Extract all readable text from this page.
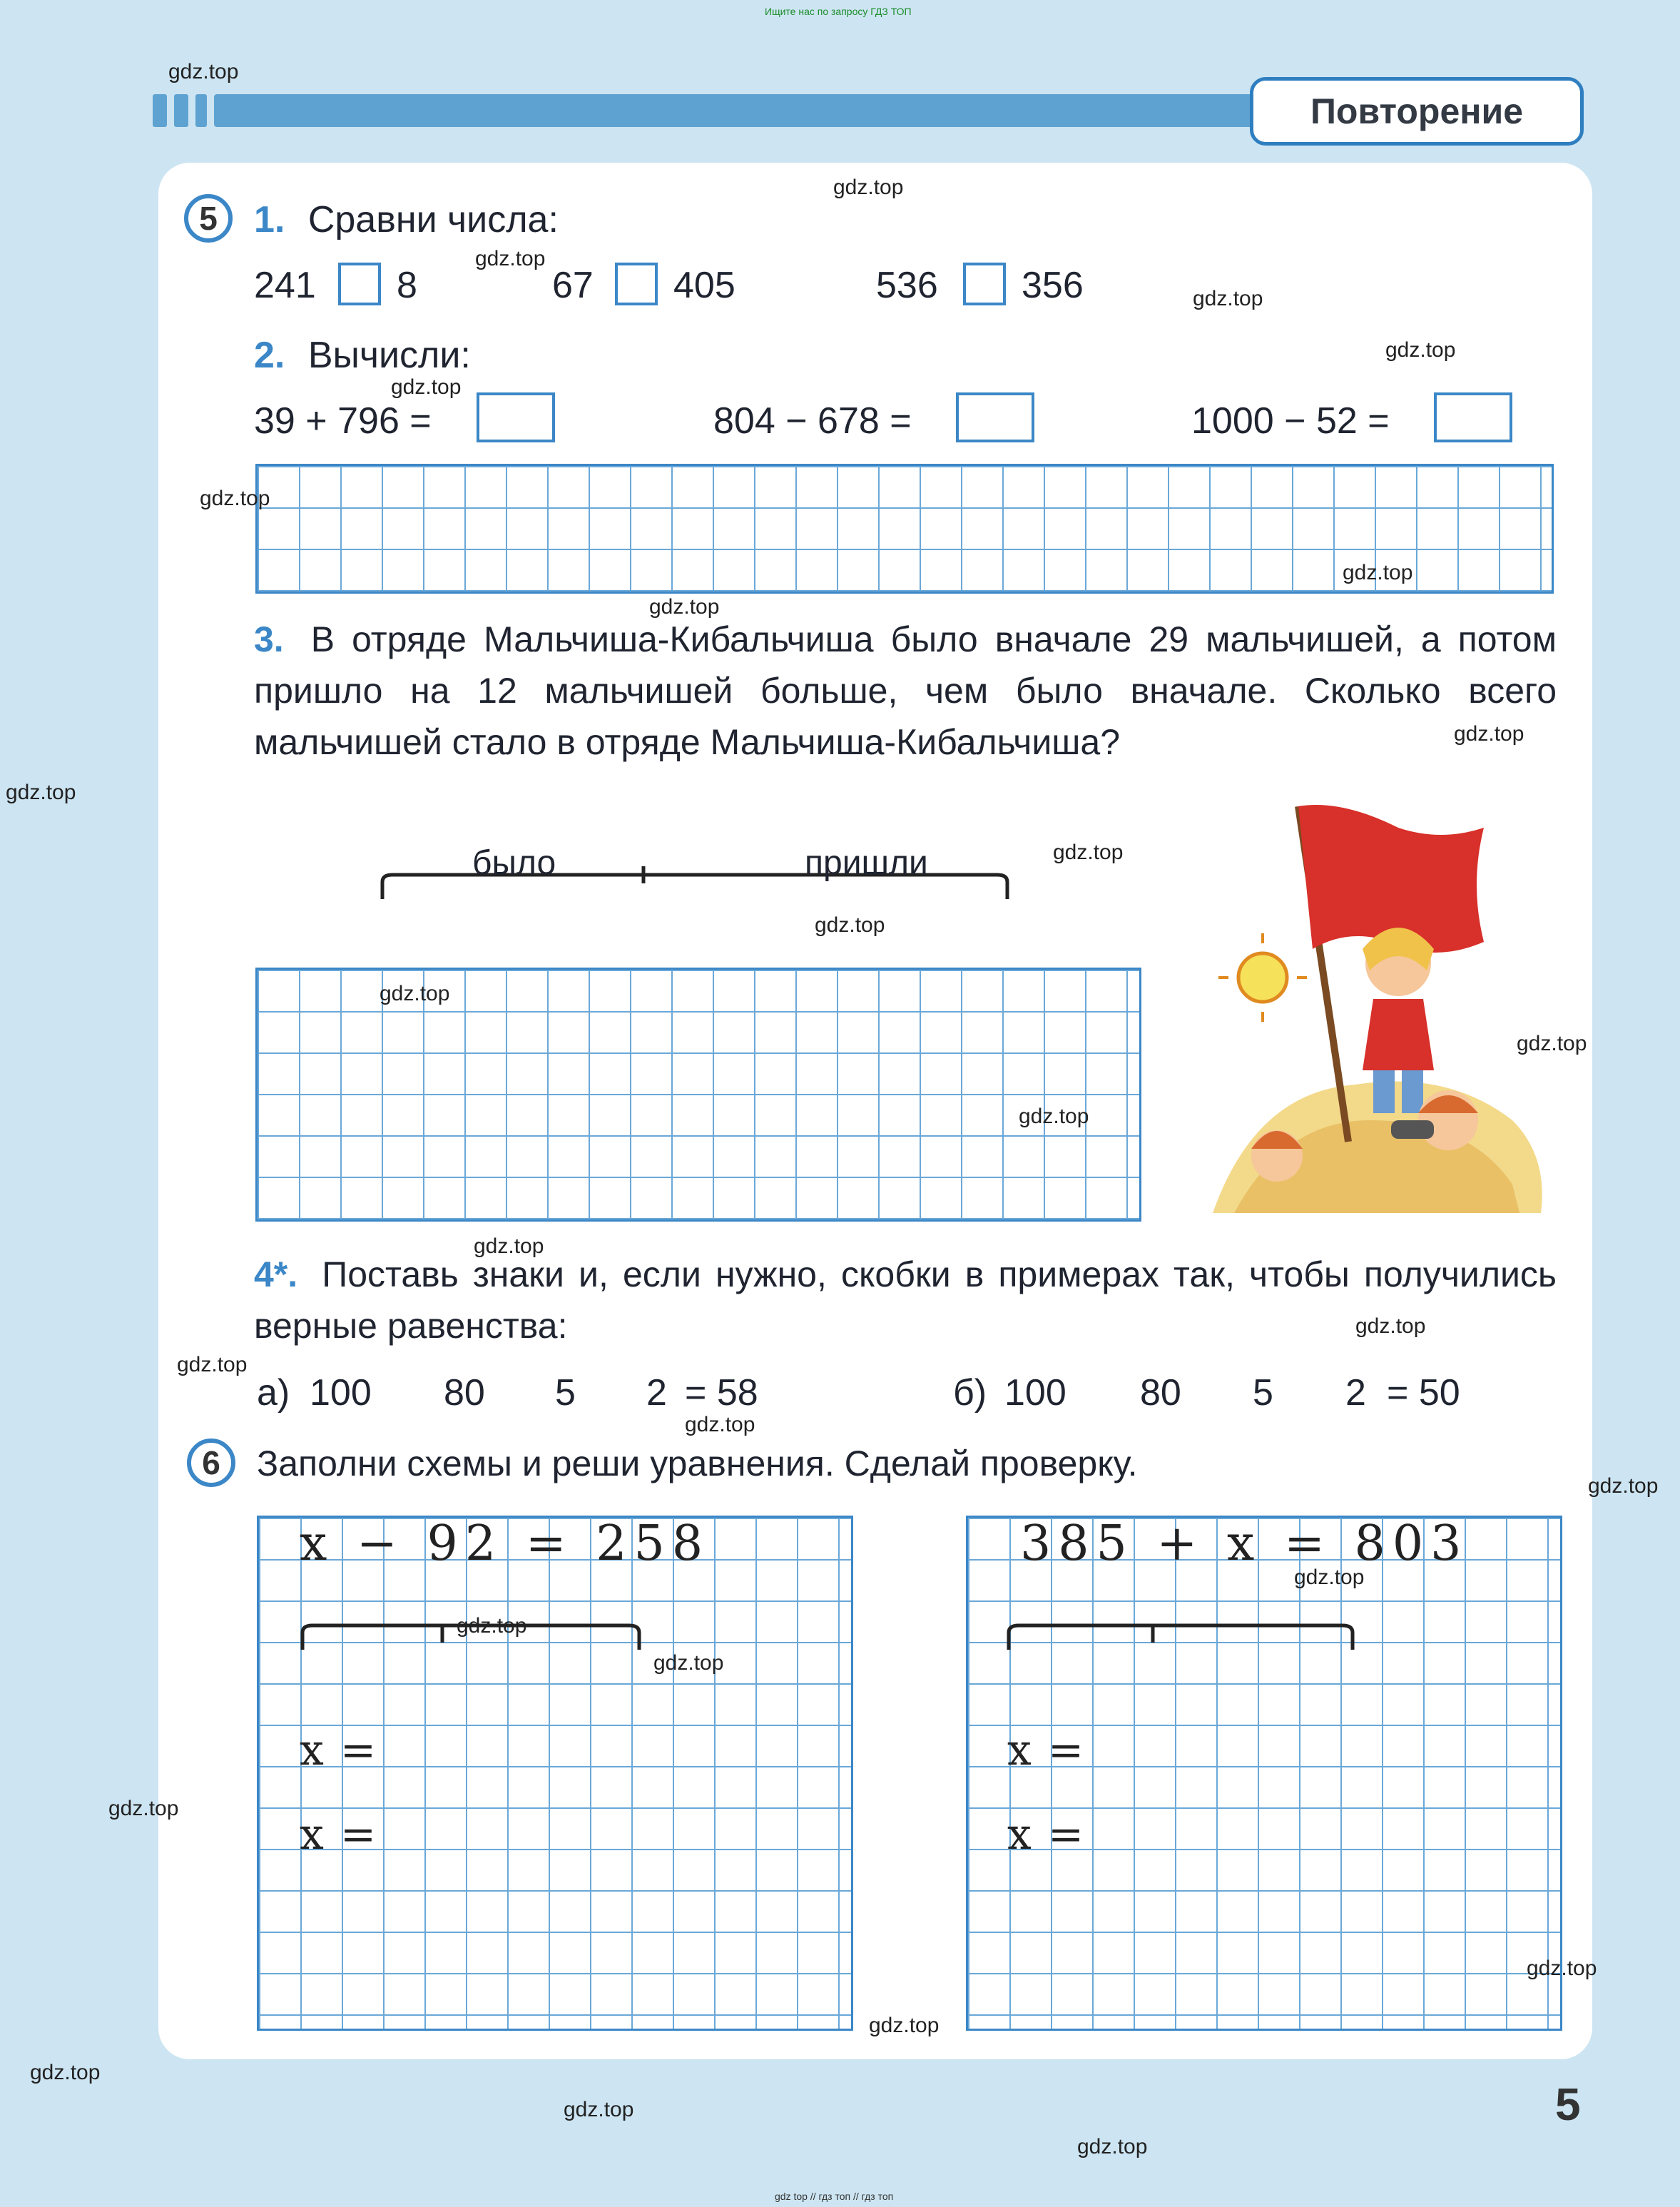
Ищите нас по запросу ГДЗ ТОП
Повторение
5 1. Сравни числа:
241 8	67 405	536 356
2. Вычисли:
39 + 796 =	804 − 678 =	1000 − 52 =
3. В отряде Мальчиша-Кибальчиша было вначале 29 мальчишей, а потом пришло на 12 мальчишей больше, чем было вначале. Сколько всего мальчишей стало в отряде Мальчиша-Кибальчиша?
было	пришли
4*. Поставь знаки и, если нужно, скобки в примерах так, чтобы получились верные равенства:
а) 100 80 5 2 = 58	б) 100 80 5 2 = 50
6	Заполни схемы и реши уравнения. Сделай проверку.
x − 92 = 258	385 + x = 803
x =
x =
x =
x =
5
gdz.top
gdz.top
gdz.top
gdz.top
gdz.top
gdz.top
gdz.top
gdz.top
gdz.top
gdz.top
gdz.top
gdz.top
gdz.top
gdz.top
gdz.top
gdz.top
gdz.top
gdz.top
gdz.top
gdz.top
gdz.top
gdz.top
gdz.top
gdz.top
gdz.top
gdz.top
gdz.top
gdz.top
gdz.top
gdz.top
gdz top // гдз топ // гдз топ
